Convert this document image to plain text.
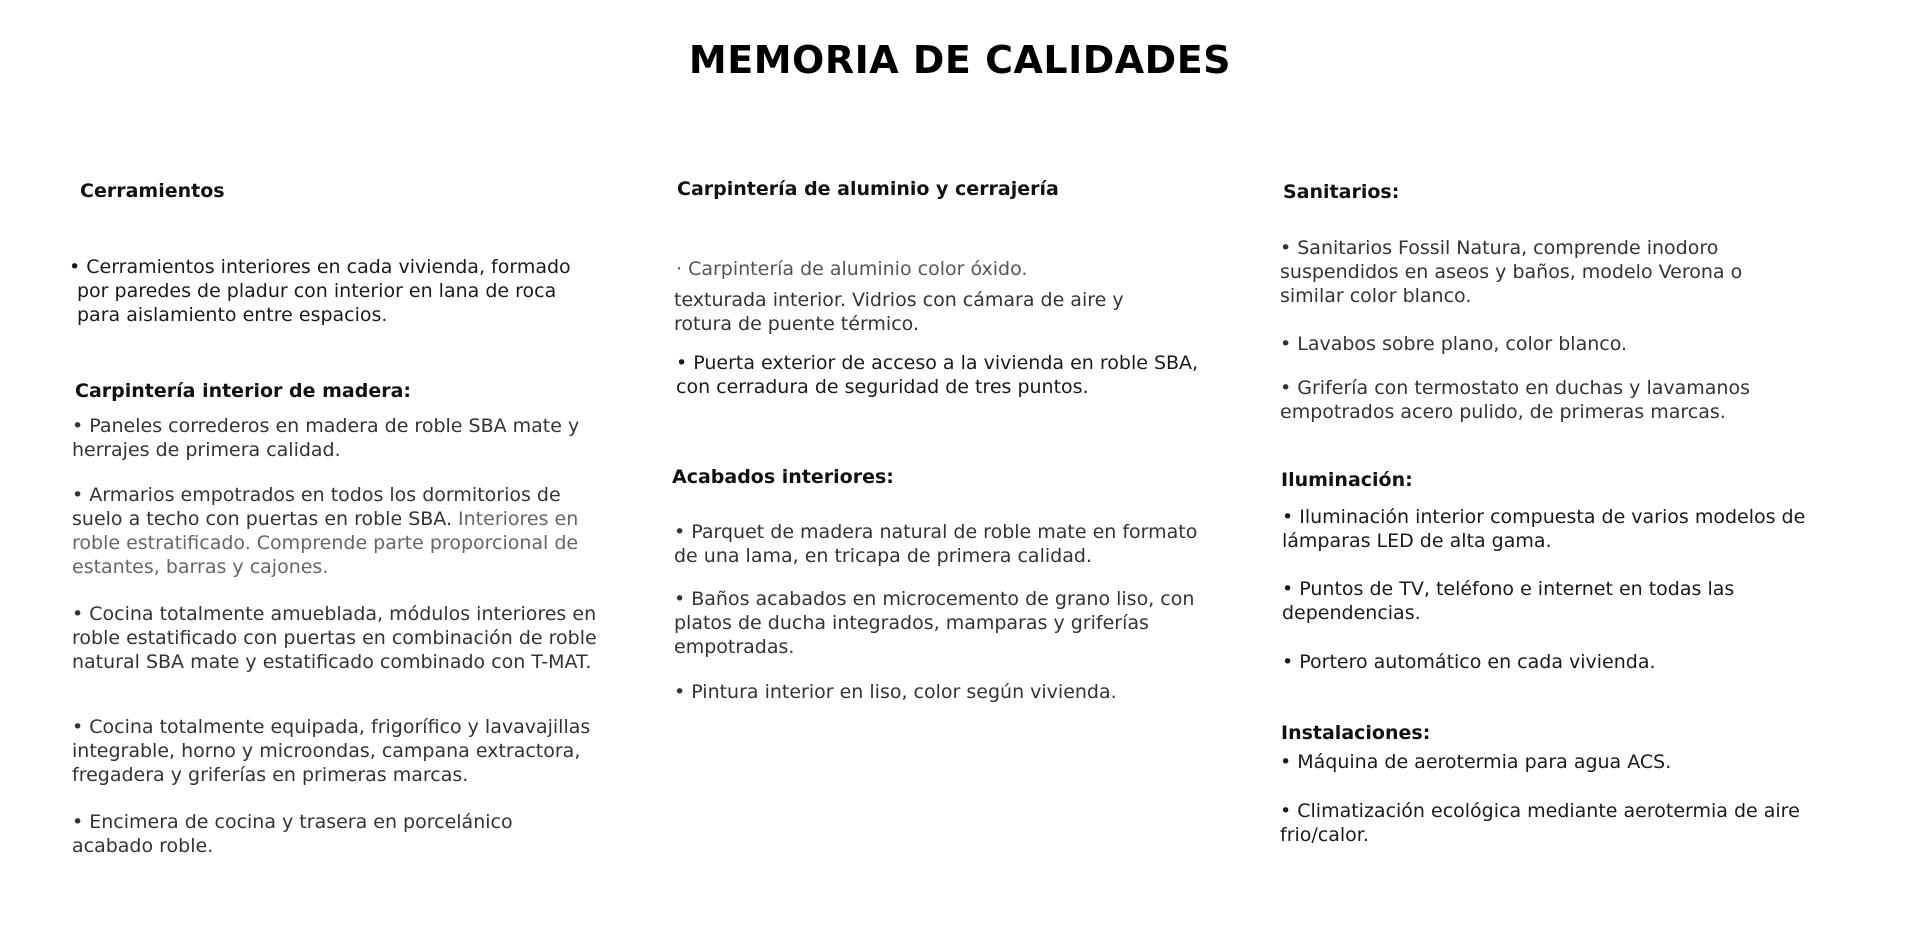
MEMORIA DE CALIDADES
Cerramientos
• Cerramientos interiores en cada vivienda, formado
por paredes de pladur con interior en lana de roca
para aislamiento entre espacios.
Carpintería interior de madera:
• Paneles correderos en madera de roble SBA mate y herrajes de primera calidad.
• Armarios empotrados en todos los dormitorios de suelo a techo con puertas en roble SBA. Interiores en roble estratificado. Comprende parte proporcional de estantes, barras y cajones.
• Cocina totalmente amueblada, módulos interiores en roble estatificado con puertas en combinación de roble natural SBA mate y estatificado combinado con T-MAT.
• Cocina totalmente equipada, frigorífico y lavavajillas integrable, horno y microondas, campana extractora, fregadera y griferías en primeras marcas.
• Encimera de cocina y trasera en porcelánico acabado roble.
Carpintería de aluminio y cerrajería
· Carpintería de aluminio color óxido.
texturada interior. Vidrios con cámara de aire y rotura de puente térmico.
• Puerta exterior de acceso a la vivienda en roble SBA, con cerradura de seguridad de tres puntos.
Acabados interiores:
• Parquet de madera natural de roble mate en formato de una lama, en tricapa de primera calidad.
• Baños acabados en microcemento de grano liso, con platos de ducha integrados, mamparas y griferías empotradas.
• Pintura interior en liso, color según vivienda.
Sanitarios:
• Sanitarios Fossil Natura, comprende inodoro suspendidos en aseos y baños, modelo Verona o similar color blanco.
• Lavabos sobre plano, color blanco.
• Grifería con termostato en duchas y lavamanos empotrados acero pulido, de primeras marcas.
Iluminación:
• Iluminación interior compuesta de varios modelos de lámparas LED de alta gama.
• Puntos de TV, teléfono e internet en todas las dependencias.
• Portero automático en cada vivienda.
Instalaciones:
• Máquina de aerotermia para agua ACS.
• Climatización ecológica mediante aerotermia de aire frio/calor.
